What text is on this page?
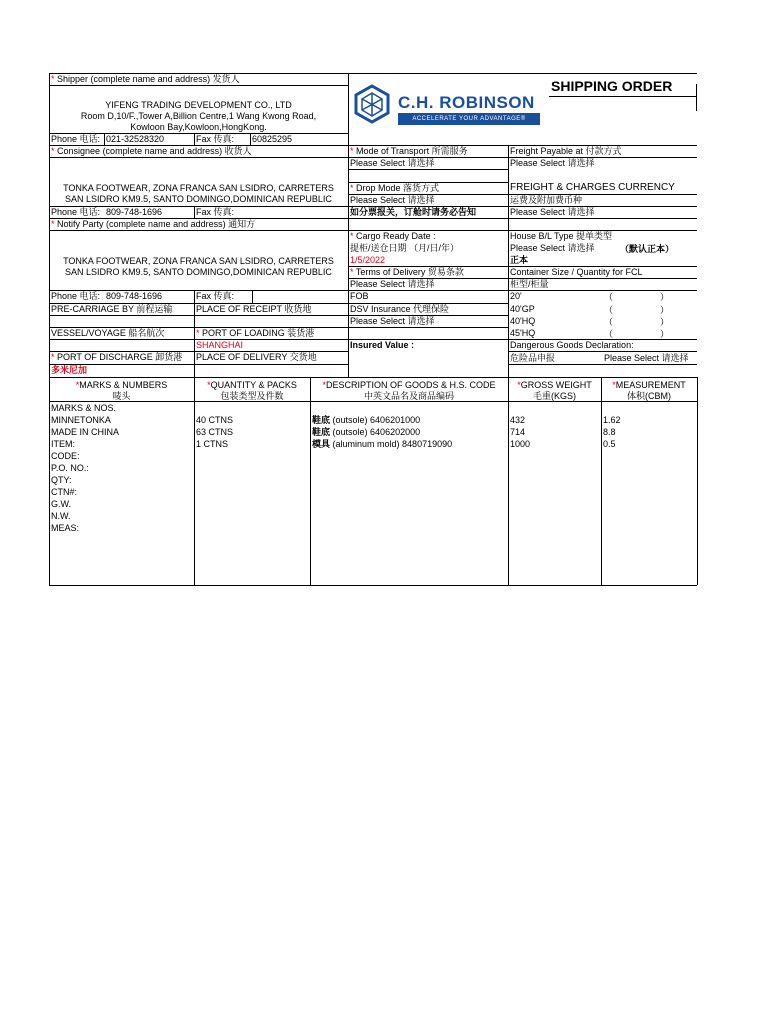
SHIPPING ORDER
C.H. ROBINSON
ACCELERATE YOUR ADVANTAGE®
* Shipper (complete name and address) 发货人
YIFENG TRADING DEVELOPMENT CO., LTD
Room D,10/F.,Tower A,Billion Centre,1 Wang Kwong Road,
Kowloon Bay,Kowloon,HongKong.
Phone 电话: 021-32528320	Fax 传真: 60825295
* Consignee (complete name and address) 收货人
TONKA FOOTWEAR, ZONA FRANCA SAN LSIDRO, CARRETERS
SAN LSIDRO KM9.5, SANTO DOMINGO,DOMINICAN REPUBLIC
Phone 电话: 809-748-1696	Fax 传真:
* Notify Party (complete name and address) 通知方
TONKA FOOTWEAR, ZONA FRANCA SAN LSIDRO, CARRETERS
SAN LSIDRO KM9.5, SANTO DOMINGO,DOMINICAN REPUBLIC
Phone 电话: 809-748-1696	Fax 传真:
PRE-CARRIAGE BY 前程运输	PLACE OF RECEIPT 收货地
VESSEL/VOYAGE 船名航次	* PORT OF LOADING 装货港
SHANGHAI
* PORT OF DISCHARGE 卸货港 PLACE OF DELIVERY 交货地
多米尼加
* Mode of Transport 所需服务
Please Select 请选择
* Drop Mode 落货方式
Please Select 请选择
如分票报关，订舱时请务必告知
* Cargo Ready Date :
提柜/送仓日期 （月/日/年）
1/5/2022
* Terms of Delivery 贸易条款
Please Select 请选择
FOB
DSV Insurance 代理保险
Please Select 请选择
Insured Value :
Freight Payable at 付款方式
Please Select 请选择
FREIGHT & CHARGES CURRENCY
运费及附加费币种
Please Select 请选择
House B/L Type 提单类型
Please Select 请选择	（默认正本）
正本
Container Size / Quantity for FCL
柜型/柜量
20'
40'GP
40'HQ
45'HQ
（	）
（	）
（	）
（	）
Dangerous Goods Declaration:
危险品申报	Please Select 请选择
*MARKS & NUMBERS
唛头
*QUANTITY & PACKS
包装类型及件数
*DESCRIPTION OF GOODS & H.S. CODE
中英文品名及商品编码
*GROSS WEIGHT
毛重(KGS)
*MEASUREMENT
体积(CBM)
MARKS & NOS.
MINNETONKA
MADE IN CHINA
ITEM:
CODE:
P.O. NO.:
QTY:
CTN#:
G.W.
N.W.
MEAS:
40 CTNS	鞋底 (outsole) 6406201000	432	1.62
63 CTNS	鞋底 (outsole) 6406202000	714	8.8
1 CTNS	模具 (aluminum mold) 8480719090	1000	0.5
